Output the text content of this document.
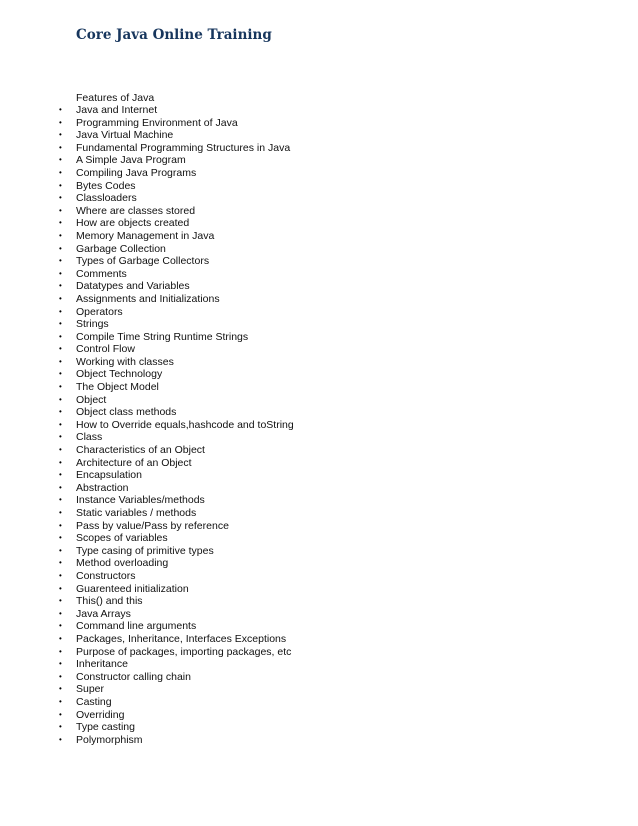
Core Java Online Training

Features of Java

• Java and Internet
• Programming Environment of Java
• Java Virtual Machine
• Fundamental Programming Structures in Java
• A Simple Java Program
• Compiling Java Programs
• Bytes Codes
• Classloaders
• Where are classes stored
• How are objects created
• Memory Management in Java
• Garbage Collection
• Types of Garbage Collectors
• Comments
• Datatypes and Variables
• Assignments and Initializations
• Operators
• Strings
• Compile Time String Runtime Strings
• Control Flow
• Working with classes
• Object Technology
• The Object Model
• Object
• Object class methods
• How to Override equals,hashcode and toString
• Class
• Characteristics of an Object
• Architecture of an Object
• Encapsulation
• Abstraction
• Instance Variables/methods
• Static variables / methods
• Pass by value/Pass by reference
• Scopes of variables
• Type casing of primitive types
• Method overloading
• Constructors
• Guarenteed initialization
• This() and this
• Java Arrays
• Command line arguments
• Packages, Inheritance, Interfaces Exceptions
• Purpose of packages, importing packages, etc
• Inheritance
• Constructor calling chain
• Super
• Casting
• Overriding
• Type casting
• Polymorphism
